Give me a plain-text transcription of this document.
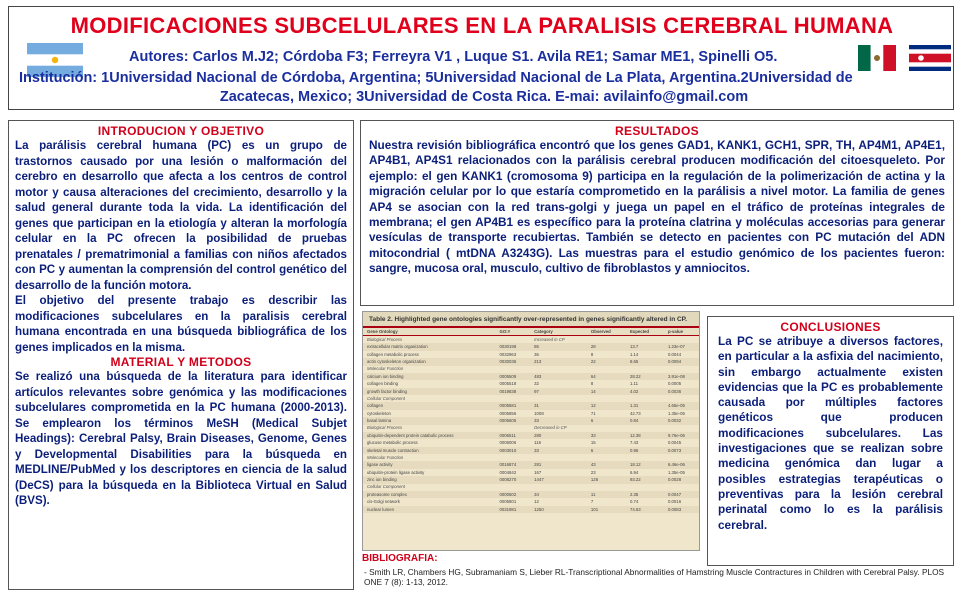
MODIFICACIONES SUBCELULARES EN LA PARALISIS CEREBRAL HUMANA
Autores: Carlos M.J2; Córdoba F3; Ferreyra V1 , Luque S1. Avila RE1; Samar ME1, Spinelli O5.
Institución: 1Universidad Nacional de Córdoba, Argentina; 5Universidad Nacional de La Plata, Argentina.2Universidad de
Zacatecas, Mexico; 3Universidad de Costa Rica. E-mai: avilainfo@gmail.com
INTRODUCION Y OBJETIVO
La parálisis cerebral humana (PC) es un grupo de trastornos causado por una lesión o malformación del cerebro en desarrollo que afecta a los centros de control motor y causa alteraciones del crecimiento, desarrollo y la salud general durante toda la vida. La identificación del genes que participan en la etiología y alteran la morfología celular en la PC ofrecen la posibilidad de pruebas prenatales / prematrimonial a familias con niños afectados con PC y aumentan la comprensión del control genético del desarrollo de la función motora.
El objetivo del presente trabajo es describir las modificaciones subcelulares en la paralisis cerebral humana encontrada en una búsqueda bibliográfica de los genes implicados en la misma.
MATERIAL Y METODOS
Se realizó una búsqueda de la literatura para identificar artículos relevantes sobre genómica y las modificaciones subcelulares comprometida en la PC humana (2000-2013). Se emplearon los términos MeSH (Medical Subjet Headings): Cerebral Palsy, Brain Diseases, Genome, Genes y Developmental Disabilities para la búsqueda en MEDLINE/PubMed y los descriptores en ciencia de la salud (DeCS) para la búsqueda en la Biblioteca Virtual en Salud (BVS).
RESULTADOS
Nuestra revisión bibliográfica encontró que los genes GAD1, KANK1, GCH1, SPR, TH, AP4M1, AP4E1, AP4B1, AP4S1 relacionados con la parálisis cerebral producen modificación del citoesqueleto. Por ejemplo: el gen KANK1 (cromosoma 9) participa en la regulación de la polimerización de actina y la migración celular por lo que estaría comprometido en la parálisis a nivel motor. La familia de genes AP4 se asocian con la red trans-golgi y juega un papel en el tráfico de proteínas integrales de membrana; el gen AP4B1 es específico para la proteína clatrina y moléculas accesorias para generar vesículas de transporte recubiertas. También se detecto en pacientes con PC mutación del ADN mitocondrial ( mtDNA A3243G). Las muestras para el estudio genómico de los pacientes fueron: sangre, mucosa oral, musculo, cultivo de fibroblastos y amniocitos.
Table 2. Highlighted gene ontologies significantly over-represented in genes significantly altered in CP.
Gene Ontology	GO:#	Category	Observed	Expected	p-value
Biological Process		Increased in CP			
extracellular matrix organization	0030198	86	28	13.7	1.23e-07
collagen metabolic process	0032963	36	8	1.14	0.0044
actin cytoskeleton organization	0030036	213	22	8.65	0.0094
Molecular Function					
calcium ion binding	0005509	483	64	28.22	3.91e-08
collagen binding	0005518	32	8	1.11	0.0005
growth factor binding	0019838	97	14	4.02	0.0036
Cellular Component					
collagen	0005581	31	12	1.31	4.65e-05
cytoskeleton	0005856	1008	71	42.73	1.35e-05
basal lamina	0005605	33	6	0.84	0.0032
Biological Process		Decreased in CP			
ubiquitin-dependent protein catabolic process	0006511	280	33	12.38	9.76e-06
glucose metabolic process	0006006	116	15	7.43	0.0045
skeletal muscle contraction	0003010	33	6	0.96	0.0073
Molecular Function					
ligase activity	0016874	281	43	18.12	6.46e-06
ubiquitin-protein ligase activity	0004842	167	23	6.94	1.35e-05
zinc ion binding	0008270	1447	126	93.22	0.0028
Cellular Component					
proteasome complex	0000502	34	11	2.35	0.0047
cis-Golgi network	0005801	12	7	0.74	0.0016
nuclear lumen	0031981	1250	101	74.63	0.0083
CONCLUSIONES
La PC se atribuye a diversos factores, en particular a la asfixia del nacimiento, sin embargo actualmente existen evidencias que la PC es probablemente causada por múltiples factores genéticos que producen modificaciones subcelulares. Las investigaciones que se realizan sobre medicina genómica dan lugar a posibles estrategias terapéuticas o preventivas para la lesión cerebral perinatal como lo es la parálisis cerebral.
BIBLIOGRAFIA:
- Smith LR, Chambers HG, Subramaniam S, Lieber RL-Transcriptional Abnormalities of Hamstring Muscle Contractures in Children with Cerebral Palsy. PLOS ONE 7 (8): 1-13, 2012.
